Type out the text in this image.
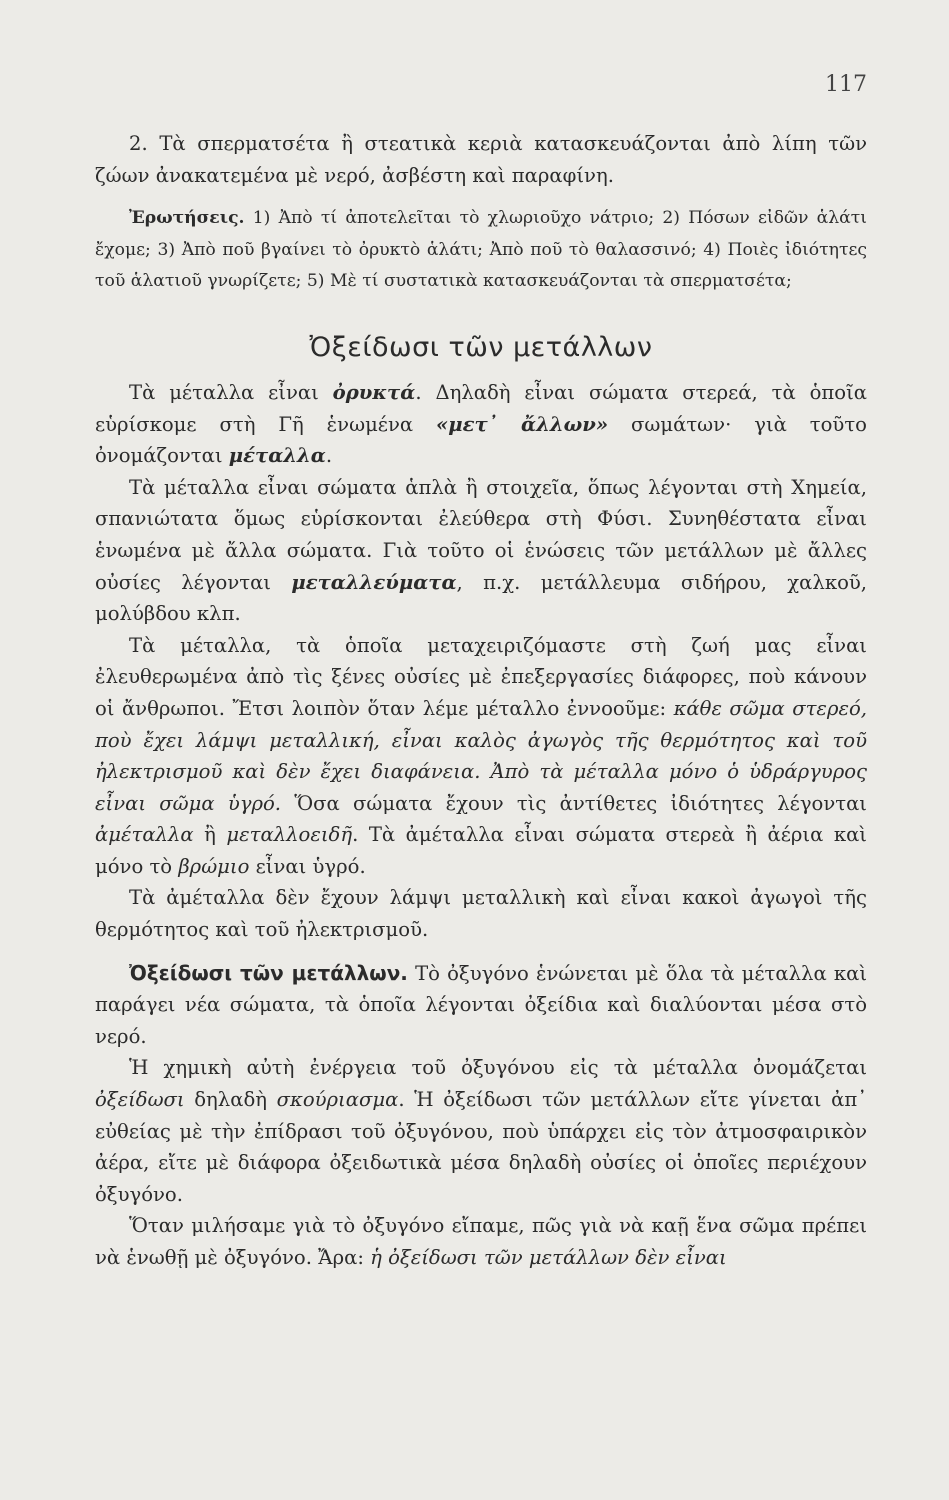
117

2. Τὰ σπερματσέτα ἢ στεατικὰ κεριὰ κατασκευάζονται ἀπὸ λίπη τῶν ζώων ἀνακατεμένα μὲ νερό, ἀσβέστη καὶ παραφίνη.

Ἐρωτήσεις. 1) Ἀπὸ τί ἀποτελεῖται τὸ χλωριοῦχο νάτριο; 2) Πόσων εἰδῶν ἁλάτι ἔχομε; 3) Ἀπὸ ποῦ βγαίνει τὸ ὀρυκτὸ ἁλάτι; Ἀπὸ ποῦ τὸ θαλασσινό; 4) Ποιὲς ἰδιότητες τοῦ ἁλατιοῦ γνωρίζετε; 5) Μὲ τί συστατικὰ κατασκευάζονται τὰ σπερματσέτα;

Ὀξείδωσι τῶν μετάλλων

Τὰ μέταλλα εἶναι ὀρυκτά. Δηλαδὴ εἶναι σώματα στερεά, τὰ ὁποῖα εὑρίσκομε στὴ Γῆ ἑνωμένα «μετ᾽ ἄλλων» σωμάτων· γιὰ τοῦτο ὀνομάζονται μέταλλα.

Τὰ μέταλλα εἶναι σώματα ἁπλὰ ἢ στοιχεῖα, ὅπως λέγονται στὴ Χημεία, σπανιώτατα ὅμως εὑρίσκονται ἐλεύθερα στὴ Φύσι. Συνηθέστατα εἶναι ἑνωμένα μὲ ἄλλα σώματα. Γιὰ τοῦτο οἱ ἑνώσεις τῶν μετάλλων μὲ ἄλλες οὐσίες λέγονται μεταλλεύματα, π.χ. μετάλλευμα σιδήρου, χαλκοῦ, μολύβδου κλπ.

Τὰ μέταλλα, τὰ ὁποῖα μεταχειριζόμαστε στὴ ζωή μας εἶναι ἐλευθερωμένα ἀπὸ τὶς ξένες οὐσίες μὲ ἐπεξεργασίες διάφορες, ποὺ κάνουν οἱ ἄνθρωποι. Ἔτσι λοιπὸν ὅταν λέμε μέταλλο ἐννοοῦμε: κάθε σῶμα στερεό, ποὺ ἔχει λάμψι μεταλλική, εἶναι καλὸς ἀγωγὸς τῆς θερμότητος καὶ τοῦ ἠλεκτρισμοῦ καὶ δὲν ἔχει διαφάνεια. Ἀπὸ τὰ μέταλλα μόνο ὁ ὑδράργυρος εἶναι σῶμα ὑγρό. Ὅσα σώματα ἔχουν τὶς ἀντίθετες ἰδιότητες λέγονται ἀμέταλλα ἢ μεταλλοειδῆ. Τὰ ἀμέταλλα εἶναι σώματα στερεὰ ἢ ἀέρια καὶ μόνο τὸ βρώμιο εἶναι ὑγρό.

Τὰ ἀμέταλλα δὲν ἔχουν λάμψι μεταλλικὴ καὶ εἶναι κακοὶ ἀγωγοὶ τῆς θερμότητος καὶ τοῦ ἠλεκτρισμοῦ.

Ὀξείδωσι τῶν μετάλλων. Τὸ ὀξυγόνο ἑνώνεται μὲ ὅλα τὰ μέταλλα καὶ παράγει νέα σώματα, τὰ ὁποῖα λέγονται ὀξείδια καὶ διαλύονται μέσα στὸ νερό.

Ἡ χημικὴ αὐτὴ ἐνέργεια τοῦ ὀξυγόνου εἰς τὰ μέταλλα ὀνομάζεται ὀξείδωσι δηλαδὴ σκούριασμα. Ἡ ὀξείδωσι τῶν μετάλλων εἴτε γίνεται ἀπ᾽ εὐθείας μὲ τὴν ἐπίδρασι τοῦ ὀξυγόνου, ποὺ ὑπάρχει εἰς τὸν ἀτμοσφαιρικὸν ἀέρα, εἴτε μὲ διάφορα ὀξειδωτικὰ μέσα δηλαδὴ οὐσίες οἱ ὁποῖες περιέχουν ὀξυγόνο.

Ὅταν μιλήσαμε γιὰ τὸ ὀξυγόνο εἴπαμε, πῶς γιὰ νὰ καῇ ἕνα σῶμα πρέπει νὰ ἑνωθῇ μὲ ὀξυγόνο. Ἄρα: ἡ ὀξείδωσι τῶν μετάλλων δὲν εἶναι
